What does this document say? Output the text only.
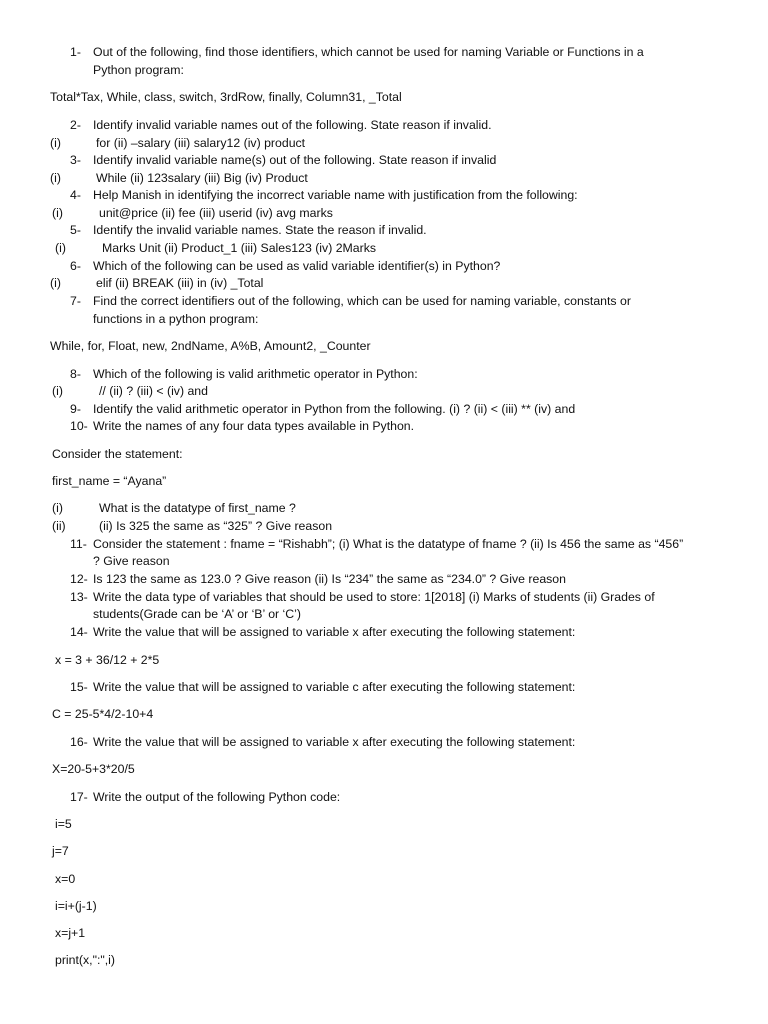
1- Out of the following, find those identifiers, which cannot be used for naming Variable or Functions in a
Python program:
Total*Tax, While, class, switch, 3rdRow, finally, Column31, _Total
2- Identify invalid variable names out of the following. State reason if invalid.
(i)	for (ii) –salary (iii) salary12 (iv) product
3- Identify invalid variable name(s) out of the following. State reason if invalid
(i)	While (ii) 123salary (iii) Big (iv) Product
4- Help Manish in identifying the incorrect variable name with justification from the following:
(i)	unit@price (ii) fee (iii) userid (iv) avg marks
5- Identify the invalid variable names. State the reason if invalid.
(i)	Marks Unit (ii) Product_1 (iii) Sales123 (iv) 2Marks
6- Which of the following can be used as valid variable identifier(s) in Python?
(i)	elif (ii) BREAK (iii) in (iv) _Total
7- Find the correct identifiers out of the following, which can be used for naming variable, constants or
functions in a python program:
While, for, Float, new, 2ndName, A%B, Amount2, _Counter
8- Which of the following is valid arithmetic operator in Python:
(i)	// (ii) ? (iii) < (iv) and
9- Identify the valid arithmetic operator in Python from the following. (i) ? (ii) < (iii) ** (iv) and
10- Write the names of any four data types available in Python.
Consider the statement:
first_name = “Ayana”
(i)	What is the datatype of first_name ?
(ii)	(ii) Is 325 the same as “325” ? Give reason
11- Consider the statement : fname = “Rishabh”; (i) What is the datatype of fname ? (ii) Is 456 the same as “456”
? Give reason
12- Is 123 the same as 123.0 ? Give reason (ii) Is “234” the same as “234.0” ? Give reason
13- Write the data type of variables that should be used to store: 1[2018] (i) Marks of students (ii) Grades of
students(Grade can be ‘A’ or ‘B’ or ‘C’)
14- Write the value that will be assigned to variable x after executing the following statement:
x = 3 + 36/12 + 2*5
15- Write the value that will be assigned to variable c after executing the following statement:
C = 25-5*4/2-10+4
16- Write the value that will be assigned to variable x after executing the following statement:
X=20-5+3*20/5
17- Write the output of the following Python code:
i=5
j=7
x=0
i=i+(j-1)
x=j+1
print(x,":",i)
